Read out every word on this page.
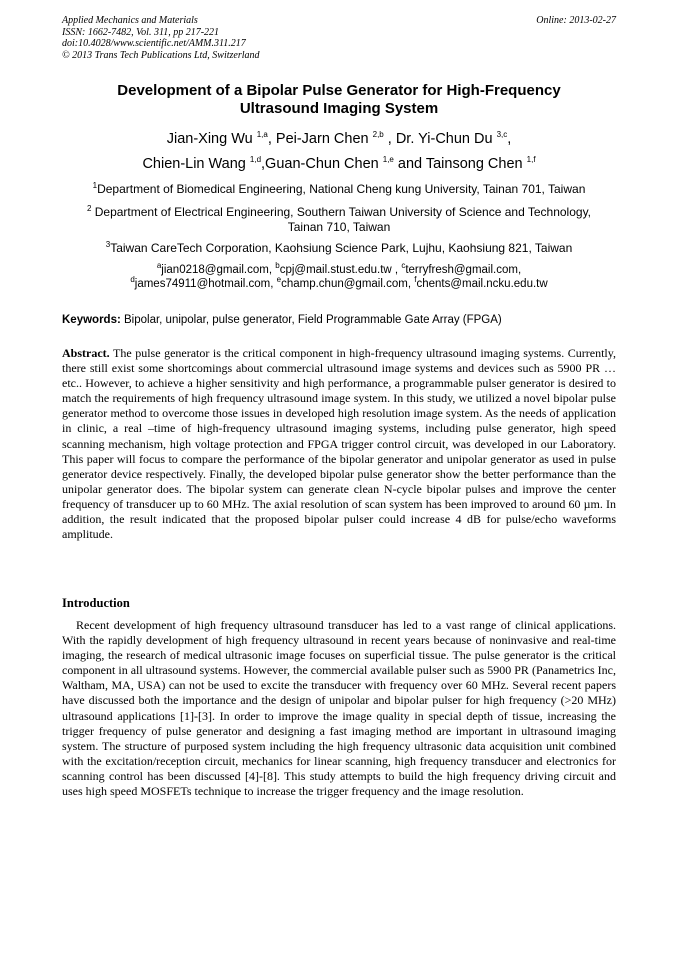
Applied Mechanics and Materials
ISSN: 1662-7482, Vol. 311, pp 217-221
doi:10.4028/www.scientific.net/AMM.311.217
© 2013 Trans Tech Publications Ltd, Switzerland
Online: 2013-02-27
Development of a Bipolar Pulse Generator for High-Frequency
Ultrasound Imaging System
Jian-Xing Wu $^{1,a}$, Pei-Jarn Chen $^{2,b}$ , Dr. Yi-Chun Du $^{3,c}$,
Chien-Lin Wang $^{1,d}$,Guan-Chun Chen $^{1,e}$ and Tainsong Chen $^{1,f}$
$^1$Department of Biomedical Engineering, National Cheng kung University, Tainan 701, Taiwan
$^2$ Department of Electrical Engineering, Southern Taiwan University of Science and Technology,
Tainan 710, Taiwan
$^3$Taiwan CareTech Corporation, Kaohsiung Science Park, Lujhu, Kaohsiung 821, Taiwan
$^a$jian0218@gmail.com, $^b$cpj@mail.stust.edu.tw , $^c$terryfresh@gmail.com,
$^d$james74911@hotmail.com, $^e$champ.chun@gmail.com, $^f$chents@mail.ncku.edu.tw
Keywords: Bipolar, unipolar, pulse generator, Field Programmable Gate Array (FPGA)

Abstract. The pulse generator is the critical component in high-frequency ultrasound imaging systems. Currently, there still exist some shortcomings about commercial ultrasound image systems and devices such as 5900 PR …etc.. However, to achieve a higher sensitivity and high performance, a programmable pulser generator is desired to match the requirements of high frequency ultrasound image system. In this study, we utilized a novel bipolar pulse generator method to overcome those issues in developed high resolution image system. As the needs of application in clinic, a real –time of high-frequency ultrasound imaging systems, including pulse generator, high speed scanning mechanism, high voltage protection and FPGA trigger control circuit, was developed in our Laboratory. This paper will focus to compare the performance of the bipolar generator and unipolar generator as used in pulse generator device respectively. Finally, the developed bipolar pulse generator show the better performance than the unipolar generator does. The bipolar system can generate clean N-cycle bipolar pulses and improve the center frequency of transducer up to 60 MHz. The axial resolution of scan system has been improved to around 60 µm. In addition, the result indicated that the proposed bipolar pulser could increase 4 dB for pulse/echo waveforms amplitude.

Introduction

Recent development of high frequency ultrasound transducer has led to a vast range of clinical applications. With the rapidly development of high frequency ultrasound in recent years because of noninvasive and real-time imaging, the research of medical ultrasonic image focuses on superficial tissue. The pulse generator is the critical component in all ultrasound systems. However, the commercial available pulser such as 5900 PR (Panametrics Inc, Waltham, MA, USA) can not be used to excite the transducer with frequency over 60 MHz. Several recent papers have discussed both the importance and the design of unipolar and bipolar pulser for high frequency (>20 MHz) ultrasound applications [1]-[3]. In order to improve the image quality in special depth of tissue, increasing the trigger frequency of pulse generator and designing a fast imaging method are important in ultrasound imaging system. The structure of purposed system including the high frequency ultrasonic data acquisition unit combined with the excitation/reception circuit, mechanics for linear scanning, high frequency transducer and electronics for scanning control has been discussed [4]-[8]. This study attempts to build the high frequency driving circuit and uses high speed MOSFETs technique to increase the trigger frequency and the image resolution.
